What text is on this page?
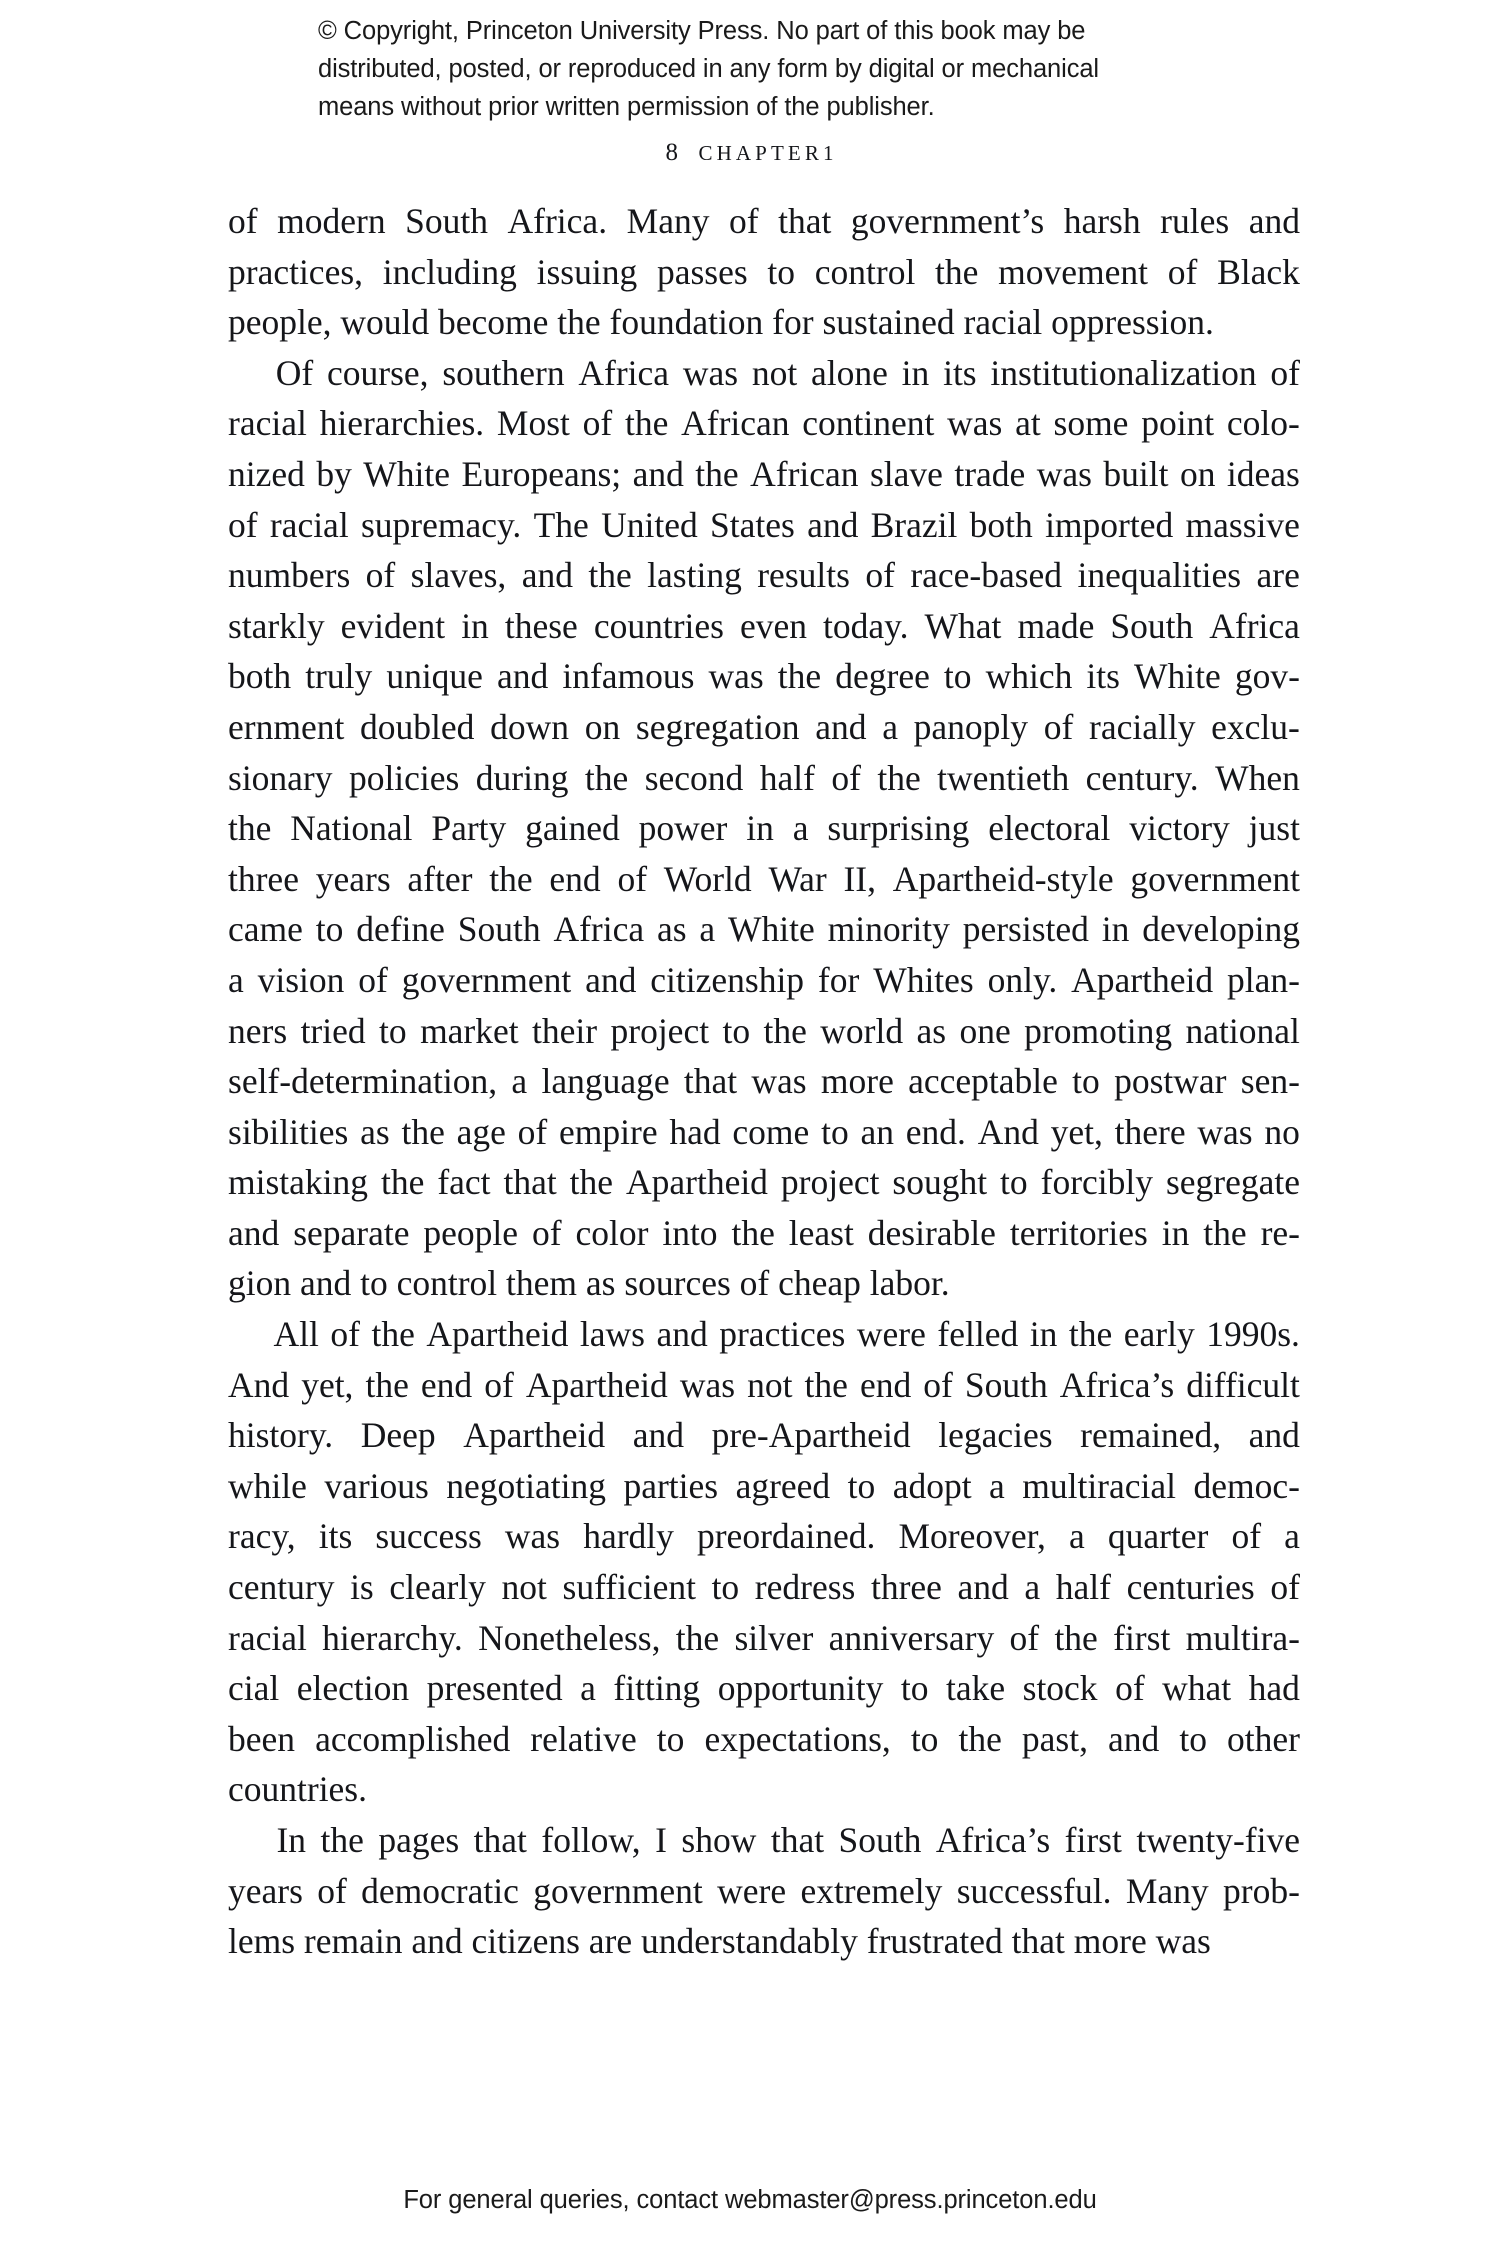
© Copyright, Princeton University Press. No part of this book may be
distributed, posted, or reproduced in any form by digital or mechanical
means without prior written permission of the publisher.
8 CHAPTER1

of modern South Africa. Many of that government’s harsh rules and
practices, including issuing passes to control the movement of Black
people, would become the foundation for sustained racial oppression.

Of course, southern Africa was not alone in its institutionalization of
racial hierarchies. Most of the African continent was at some point colo-
nized by White Europeans; and the African slave trade was built on ideas
of racial supremacy. The United States and Brazil both imported massive
numbers of slaves, and the lasting results of race-based inequalities are
starkly evident in these countries even today. What made South Africa
both truly unique and infamous was the degree to which its White gov-
ernment doubled down on segregation and a panoply of racially exclu-
sionary policies during the second half of the twentieth century. When
the National Party gained power in a surprising electoral victory just
three years after the end of World War II, Apartheid-style government
came to define South Africa as a White minority persisted in developing
a vision of government and citizenship for Whites only. Apartheid plan-
ners tried to market their project to the world as one promoting national
self-determination, a language that was more acceptable to postwar sen-
sibilities as the age of empire had come to an end. And yet, there was no
mistaking the fact that the Apartheid project sought to forcibly segregate
and separate people of color into the least desirable territories in the re-
gion and to control them as sources of cheap labor.

All of the Apartheid laws and practices were felled in the early 1990s.
And yet, the end of Apartheid was not the end of South Africa’s difficult
history. Deep Apartheid and pre-Apartheid legacies remained, and
while various negotiating parties agreed to adopt a multiracial democ-
racy, its success was hardly preordained. Moreover, a quarter of a
century is clearly not sufficient to redress three and a half centuries of
racial hierarchy. Nonetheless, the silver anniversary of the first multira-
cial election presented a fitting opportunity to take stock of what had
been accomplished relative to expectations, to the past, and to other
countries.

In the pages that follow, I show that South Africa’s first twenty-five
years of democratic government were extremely successful. Many prob-
lems remain and citizens are understandably frustrated that more was

For general queries, contact webmaster@press.princeton.edu
